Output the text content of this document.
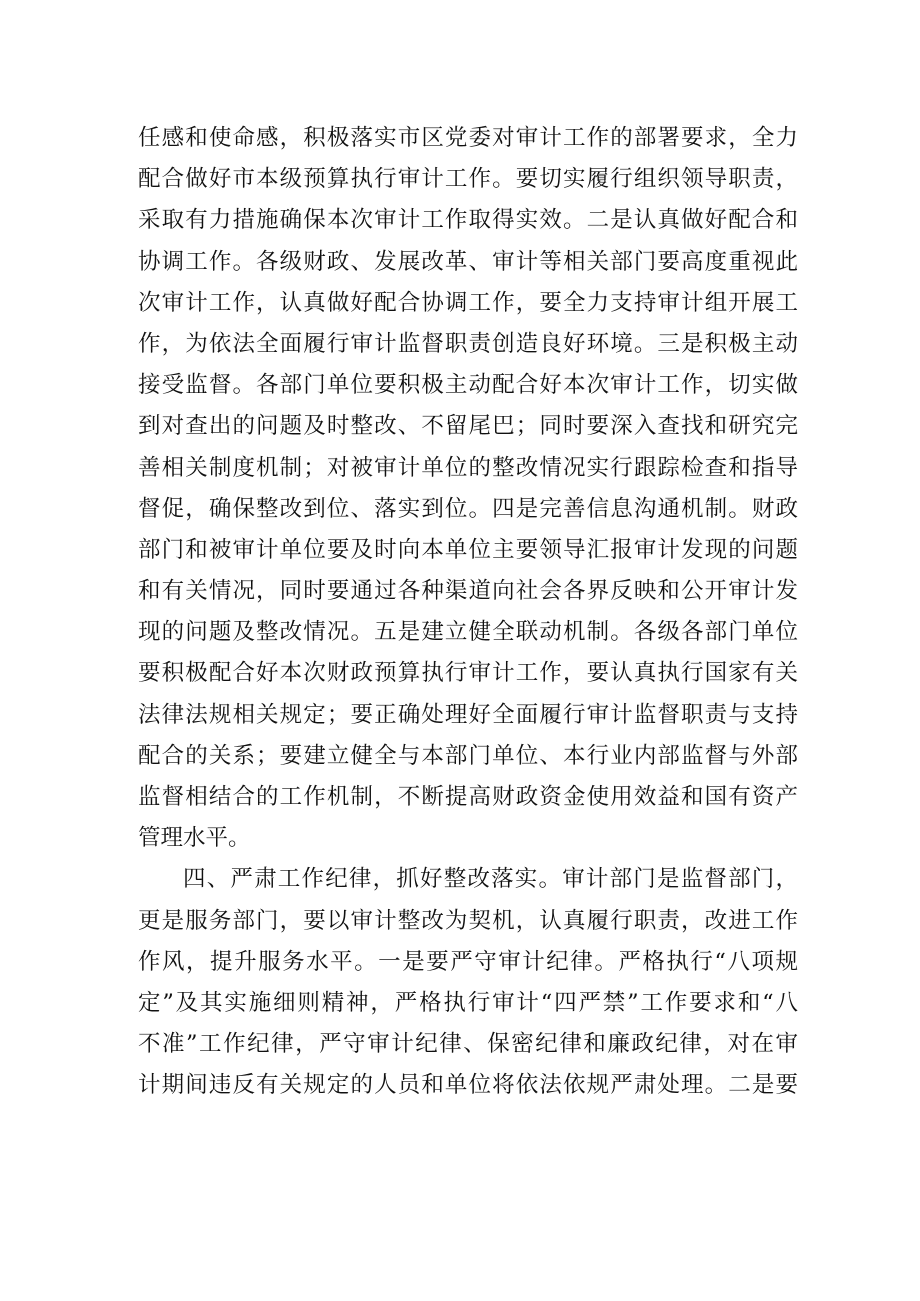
任感和使命感，积极落实市区党委对审计工作的部署要求，全力
配合做好市本级预算执行审计工作。要切实履行组织领导职责，
采取有力措施确保本次审计工作取得实效。二是认真做好配合和
协调工作。各级财政、发展改革、审计等相关部门要高度重视此
次审计工作，认真做好配合协调工作，要全力支持审计组开展工
作，为依法全面履行审计监督职责创造良好环境。三是积极主动
接受监督。各部门单位要积极主动配合好本次审计工作，切实做
到对查出的问题及时整改、不留尾巴；同时要深入查找和研究完
善相关制度机制；对被审计单位的整改情况实行跟踪检查和指导
督促，确保整改到位、落实到位。四是完善信息沟通机制。财政
部门和被审计单位要及时向本单位主要领导汇报审计发现的问题
和有关情况，同时要通过各种渠道向社会各界反映和公开审计发
现的问题及整改情况。五是建立健全联动机制。各级各部门单位
要积极配合好本次财政预算执行审计工作，要认真执行国家有关
法律法规相关规定；要正确处理好全面履行审计监督职责与支持
配合的关系；要建立健全与本部门单位、本行业内部监督与外部
监督相结合的工作机制，不断提高财政资金使用效益和国有资产
管理水平。
四、严肃工作纪律，抓好整改落实。审计部门是监督部门，
更是服务部门，要以审计整改为契机，认真履行职责，改进工作
作风，提升服务水平。一是要严守审计纪律。严格执行“八项规
定”及其实施细则精神，严格执行审计“四严禁”工作要求和“八
不准”工作纪律，严守审计纪律、保密纪律和廉政纪律，对在审
计期间违反有关规定的人员和单位将依法依规严肃处理。二是要
